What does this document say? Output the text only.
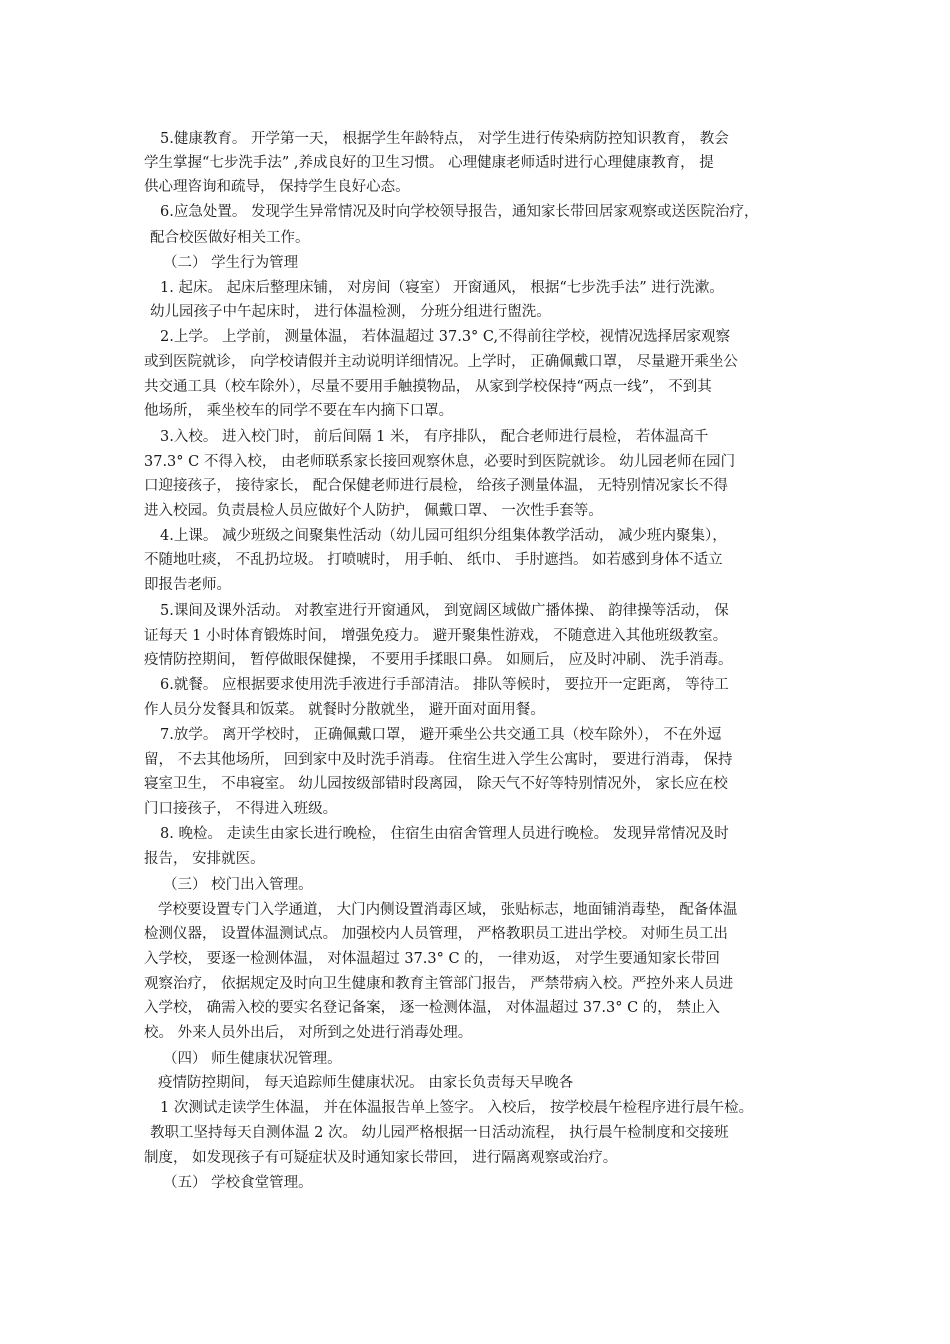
5.健康教育。 开学第一天， 根据学生年龄特点， 对学生进行传染病防控知识教育， 教会
学生掌握“七步洗手法” ,养成良好的卫生习惯。 心理健康老师适时进行心理健康教育， 提
供心理咨询和疏导， 保持学生良好心态。
6.应急处置。 发现学生异常情况及时向学校领导报告，通知家长带回居家观察或送医院治疗，
配合校医做好相关工作。
（二） 学生行为管理
1. 起床。 起床后整理床铺， 对房间（寝室） 开窗通风， 根据“七步洗手法” 进行洗漱。
幼儿园孩子中午起床时， 进行体温检测， 分班分组进行盥洗。
2.上学。 上学前， 测量体温， 若体温超过 37.3° C,不得前往学校，视情况选择居家观察
或到医院就诊， 向学校请假并主动说明详细情况。上学时， 正确佩戴口罩， 尽量避开乘坐公
共交通工具（校车除外），尽量不要用手触摸物品， 从家到学校保持“两点一线”， 不到其
他场所， 乘坐校车的同学不要在车内摘下口罩。
3.入校。 进入校门时， 前后间隔 1 米， 有序排队， 配合老师进行晨检， 若体温高千
37.3° C 不得入校， 由老师联系家长接回观察休息，必要时到医院就诊。 幼儿园老师在园门
口迎接孩子， 接待家长， 配合保健老师进行晨检， 给孩子测量体温， 无特别情况家长不得
进入校园。负责晨检人员应做好个人防护， 佩戴口罩、 一次性手套等。
4.上课。 减少班级之间聚集性活动（幼儿园可组织分组集体教学活动， 减少班内聚集），
不随地吐痰， 不乱扔垃圾。 打喷唬时， 用手帕、 纸巾、 手肘遮挡。 如若感到身体不适立
即报告老师。
5.课间及课外活动。 对教室进行开窗通风， 到宽阔区域做广播体操、 韵律操等活动， 保
证每天 1 小时体育锻炼时间， 增强免疫力。 避开聚集性游戏， 不随意进入其他班级教室。
疫情防控期间， 暂停做眼保健操， 不要用手揉眼口鼻。 如厕后， 应及时冲刷、 洗手消毒。
6.就餐。 应根据要求使用洗手液进行手部清洁。 排队等候时， 要拉开一定距离， 等待工
作人员分发餐具和饭菜。 就餐时分散就坐， 避开面对面用餐。
7.放学。 离开学校时， 正确佩戴口罩， 避开乘坐公共交通工具（校车除外）， 不在外逗
留， 不去其他场所， 回到家中及时洗手消毒。 住宿生进入学生公寓时， 要进行消毒， 保持
寝室卫生， 不串寝室。 幼儿园按级部错时段离园， 除天气不好等特别情况外， 家长应在校
门口接孩子， 不得进入班级。
8. 晚检。 走读生由家长进行晚检， 住宿生由宿舍管理人员进行晚检。 发现异常情况及时
报告， 安排就医。
（三） 校门出入管理。
学校要设置专门入学通道， 大门内侧设置消毒区域， 张贴标志，地面铺消毒垫， 配备体温
检测仪器， 设置体温测试点。 加强校内人员管理， 严格教职员工进出学校。 对师生员工出
入学校， 要逐一检测体温， 对体温超过 37.3° C 的， 一律劝返， 对学生要通知家长带回
观察治疗， 依据规定及时向卫生健康和教育主管部门报告， 严禁带病入校。严控外来人员进
入学校， 确需入校的要实名登记备案， 逐一检测体温， 对体温超过 37.3° C 的， 禁止入
校。 外来人员外出后， 对所到之处进行消毒处理。
（四） 师生健康状况管理。
疫情防控期间， 每天追踪师生健康状况。 由家长负责每天早晚各
1 次测试走读学生体温， 并在体温报告单上签字。 入校后， 按学校晨午检程序进行晨午检。
教职工坚持每天自测体温 2 次。 幼儿园严格根据一日活动流程， 执行晨午检制度和交接班
制度， 如发现孩子有可疑症状及时通知家长带回， 进行隔离观察或治疗。
（五） 学校食堂管理。
